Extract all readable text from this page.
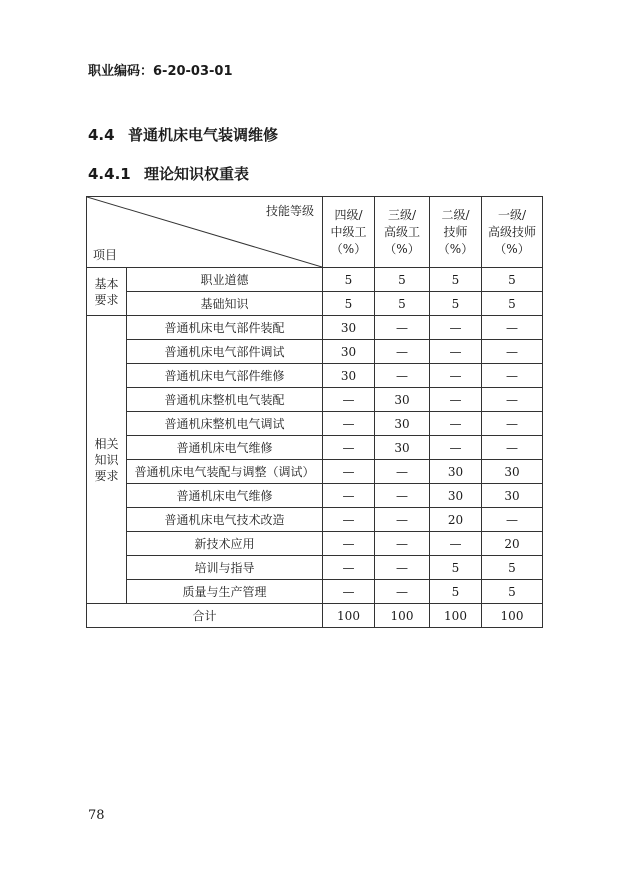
职业编码：6-20-03-01
4.4 普通机床电气装调维修
4.4.1 理论知识权重表
技能等级
项目		四级/
中级工
（%）	三级/
高级工
（%）	二级/
技师
（%）	一级/
高级技师
（%）

基本
要求	职业道德	5	5	5	5
	基础知识	5	5	5	5

相关
知识
要求	普通机床电气部件装配	30	—	—	—
	普通机床电气部件调试	30	—	—	—
	普通机床电气部件维修	30	—	—	—
	普通机床整机电气装配	—	30	—	—
	普通机床整机电气调试	—	30	—	—
	普通机床电气维修	—	30	—	—
	普通机床电气装配与调整（调试）	—	—	30	30
	普通机床电气维修	—	—	30	30
	普通机床电气技术改造	—	—	20	—
	新技术应用	—	—	—	20
	培训与指导	—	—	5	5
	质量与生产管理	—	—	5	5
合计		100	100	100	100
78
